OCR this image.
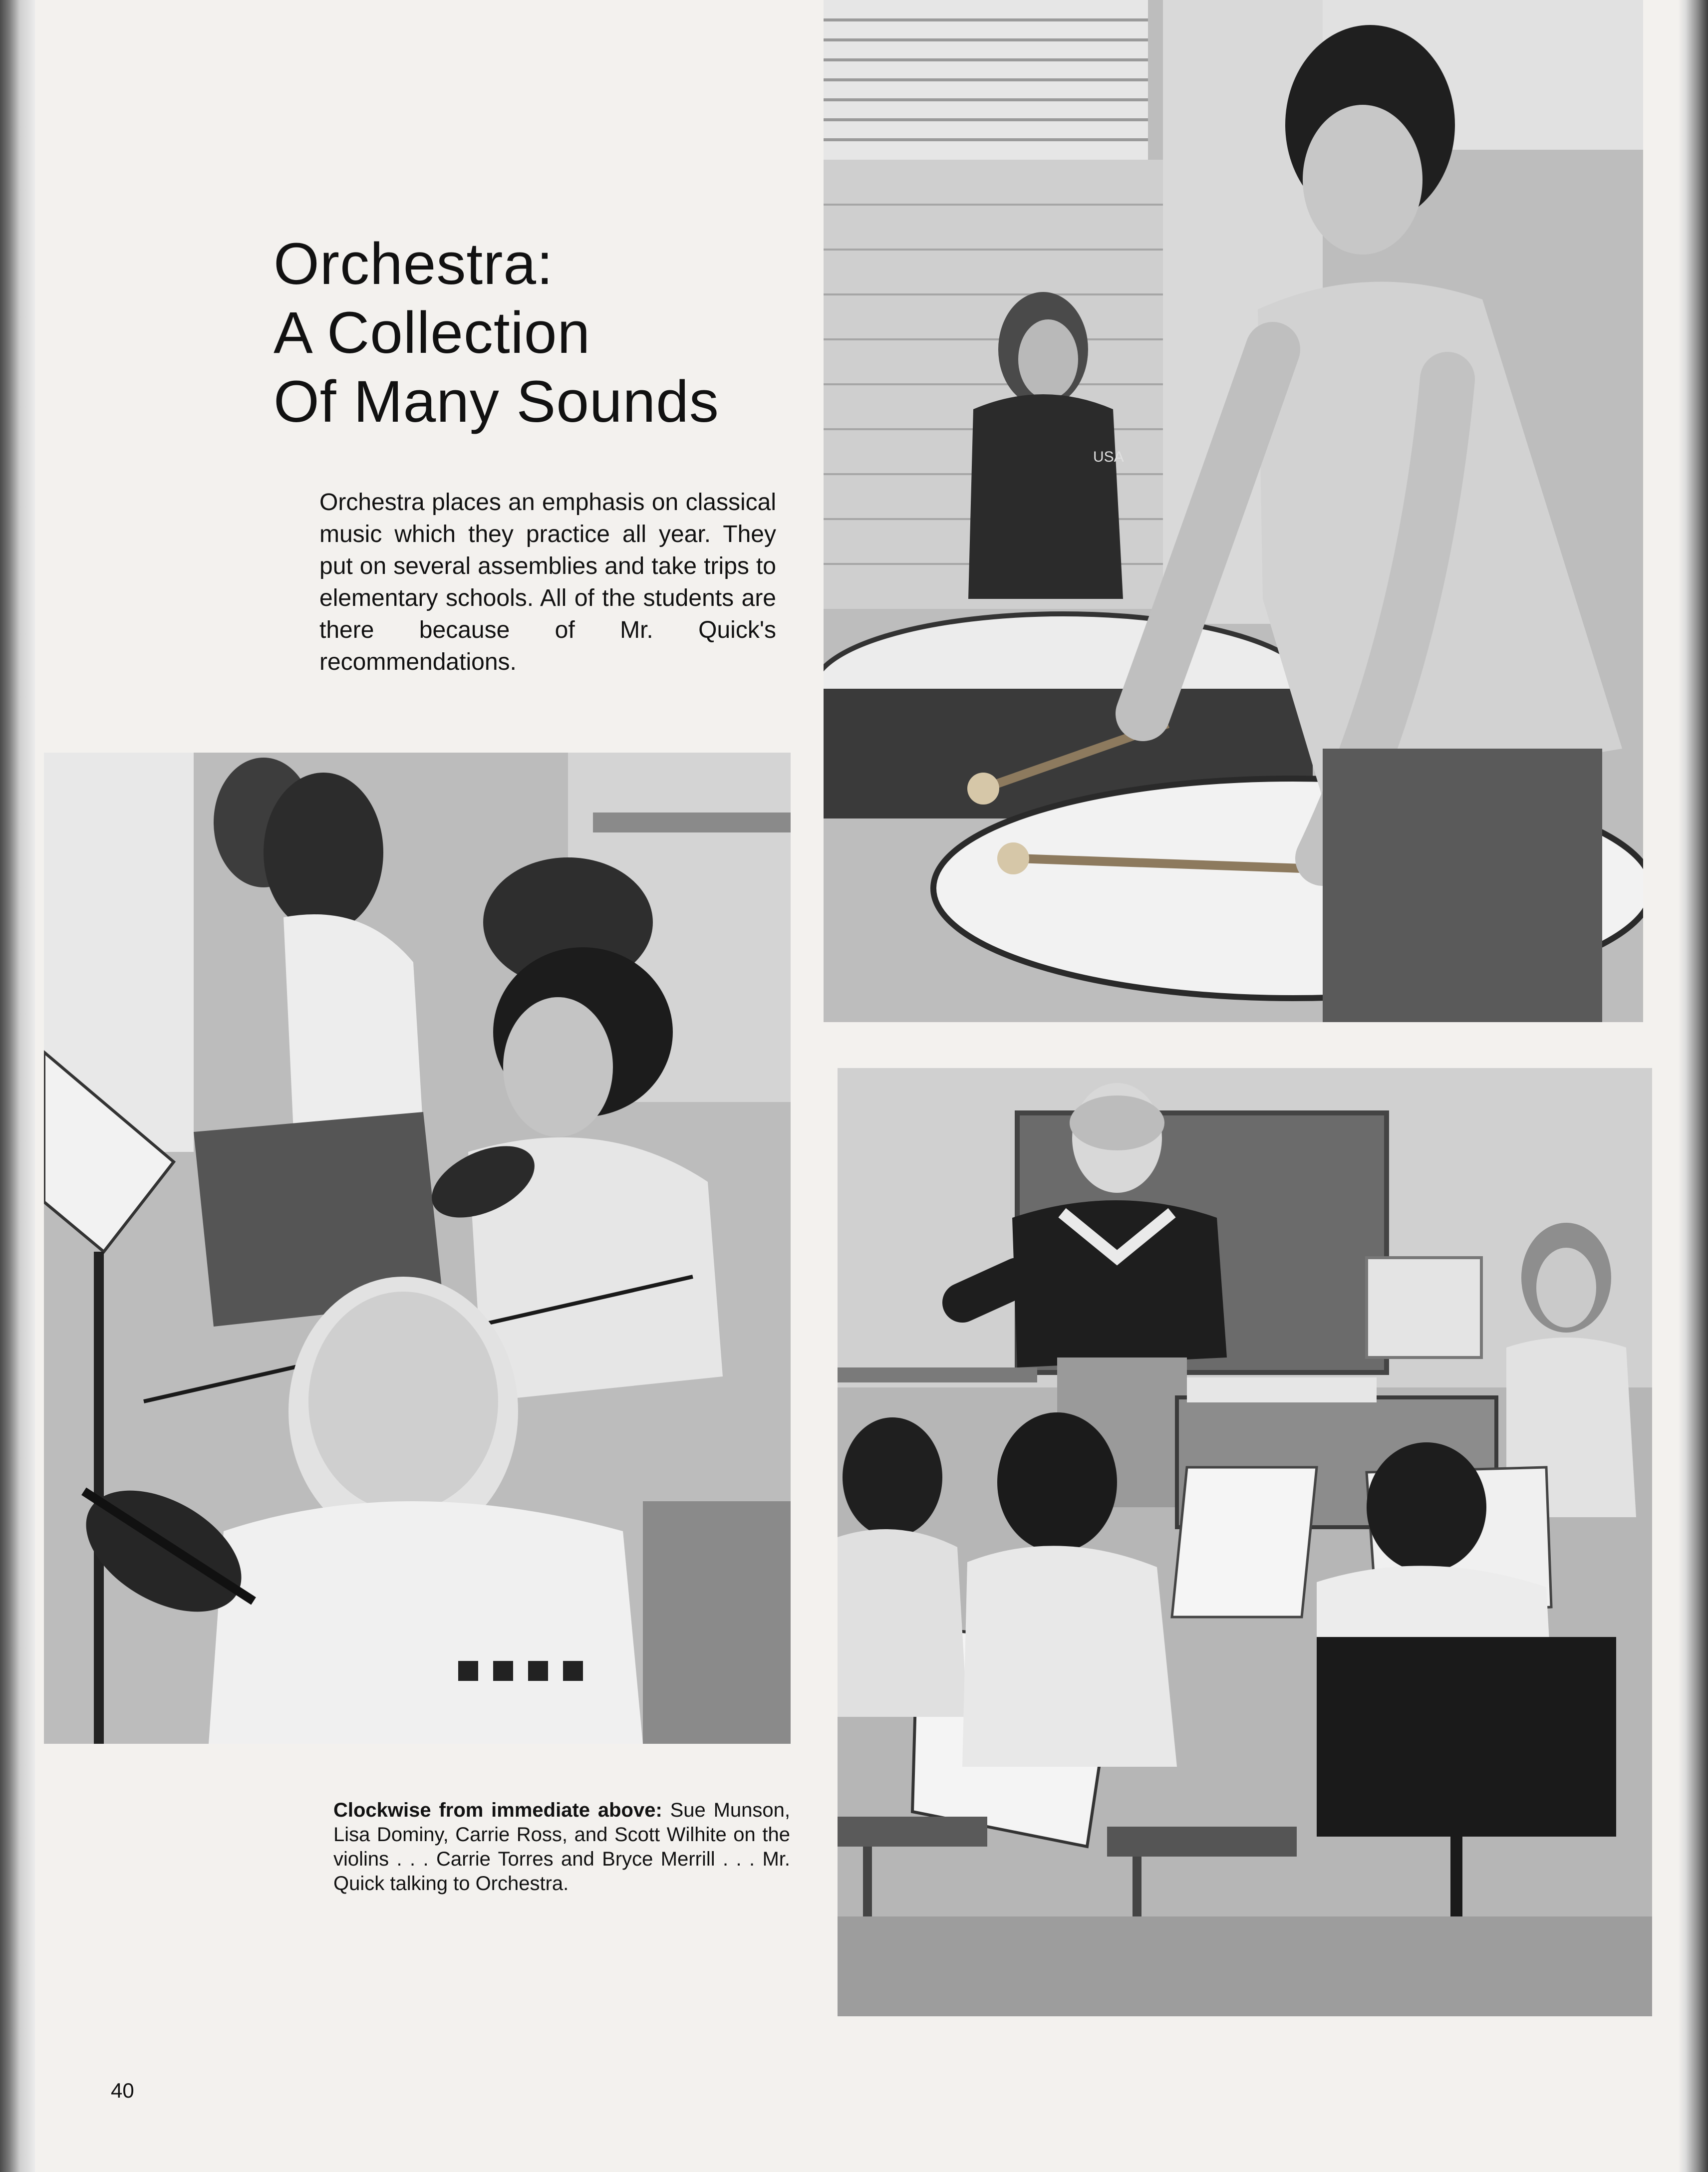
Orchestra:
A Collection
Of Many Sounds

Orchestra places an emphasis on classical music which they practice all year. They put on several assemblies and take trips to elementary schools. All of the students are there because of Mr. Quick's recommendations.

USA

Clockwise from immediate above: Sue Munson, Lisa Dominy, Carrie Ross, and Scott Wilhite on the violins . . . Carrie Torres and Bryce Merrill . . . Mr. Quick talking to Orchestra.

40
